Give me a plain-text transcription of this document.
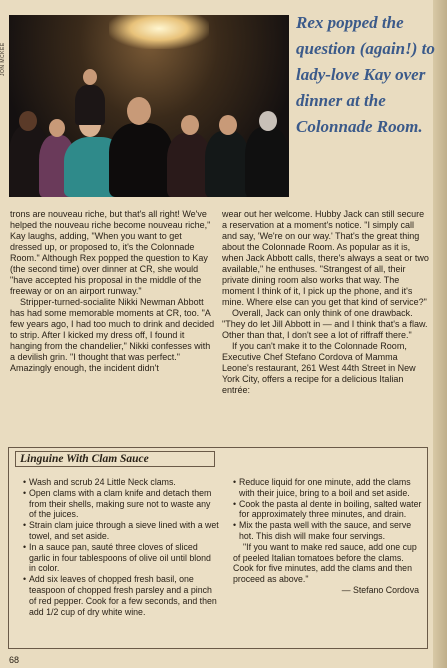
JON MCKEE
Rex popped the question (again!) to lady-love Kay over dinner at the Colonnade Room.

trons are nouveau riche, but that's all right! We've helped the nouveau riche become nouveau riche," Kay laughs, adding, "When you want to get dressed up, or proposed to, it's the Colonnade Room." Although Rex popped the question to Kay (the second time) over dinner at CR, she would "have accepted his proposal in the middle of the freeway or on an airport runway."

Stripper-turned-socialite Nikki Newman Abbott has had some memorable moments at CR, too. "A few years ago, I had too much to drink and decided to strip. After I kicked my dress off, I found it hanging from the chandelier," Nikki confesses with a devilish grin. "I thought that was perfect." Amazingly enough, the incident didn't

wear out her welcome. Hubby Jack can still secure a reservation at a moment's notice. "I simply call and say, 'We're on our way.' That's the great thing about the Colonnade Room. As popular as it is, when Jack Abbott calls, there's always a seat or two available," he enthuses. "Strangest of all, their private dining room also works that way. The moment I think of it, I pick up the phone, and it's mine. Where else can you get that kind of service?"

Overall, Jack can only think of one drawback. "They do let Jill Abbott in — and I think that's a flaw. Other than that, I don't see a lot of riffraff there."

If you can't make it to the Colonnade Room, Executive Chef Stefano Cordova of Mamma Leone's restaurant, 261 West 44th Street in New York City, offers a recipe for a delicious Italian entrée:

Linguine With Clam Sauce
• Wash and scrub 24 Little Neck clams.
• Open clams with a clam knife and detach them from their shells, making sure not to waste any of the juices.
• Strain clam juice through a sieve lined with a wet towel, and set aside.
• In a sauce pan, sauté three cloves of sliced garlic in four tablespoons of olive oil until blond in color.
• Add six leaves of chopped fresh basil, one teaspoon of chopped fresh parsley and a pinch of red pepper. Cook for a few seconds, and then add 1/2 cup of dry white wine.
• Reduce liquid for one minute, add the clams with their juice, bring to a boil and set aside.
• Cook the pasta al dente in boiling, salted water for approximately three minutes, and drain.
• Mix the pasta well with the sauce, and serve hot. This dish will make four servings.

"If you want to make red sauce, add one cup of peeled Italian tomatoes before the clams. Cook for five minutes, add the clams and then proceed as above."

— Stefano Cordova
68
